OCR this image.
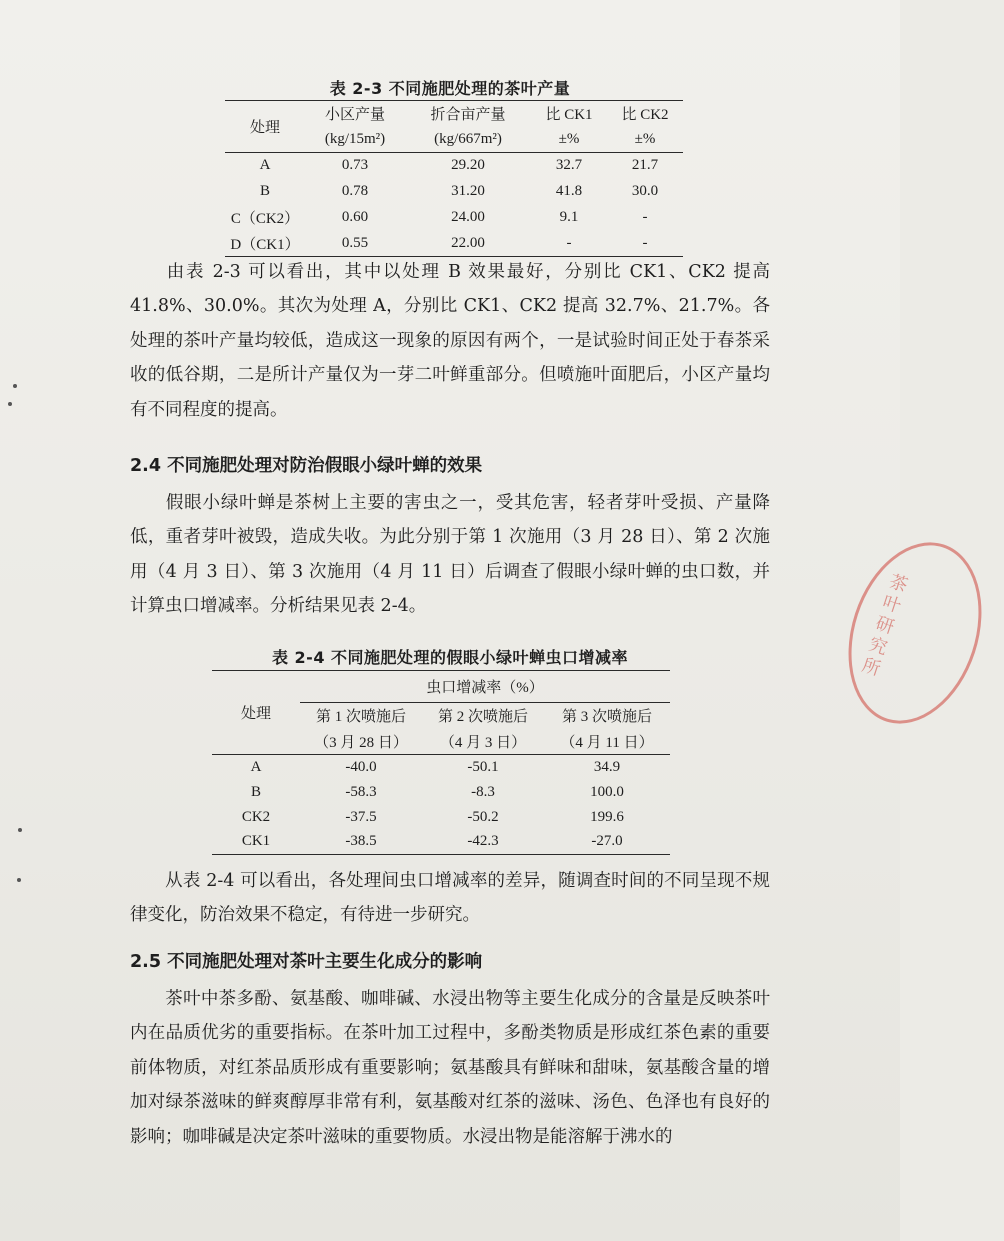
表 2-3 不同施肥处理的茶叶产量
处理	小区产量	折合亩产量	比 CK1	比 CK2
	(kg/15m²)	(kg/667m²)	±%	±%
A	0.73	29.20	32.7	21.7
B	0.78	31.20	41.8	30.0
C（CK2）	0.60	24.00	9.1	-
D（CK1）	0.55	22.00	-	-
由表 2-3 可以看出，其中以处理 B 效果最好，分别比 CK1、CK2 提高 41.8%、30.0%。其次为处理 A，分别比 CK1、CK2 提高 32.7%、21.7%。各处理的茶叶产量均较低，造成这一现象的原因有两个，一是试验时间正处于春茶采收的低谷期，二是所计产量仅为一芽二叶鲜重部分。但喷施叶面肥后，小区产量均有不同程度的提高。
2.4 不同施肥处理对防治假眼小绿叶蝉的效果
假眼小绿叶蝉是茶树上主要的害虫之一，受其危害，轻者芽叶受损、产量降低，重者芽叶被毁，造成失收。为此分别于第 1 次施用（3 月 28 日）、第 2 次施用（4 月 3 日）、第 3 次施用（4 月 11 日）后调查了假眼小绿叶蝉的虫口数，并计算虫口增减率。分析结果见表 2-4。
表 2-4 不同施肥处理的假眼小绿叶蝉虫口增减率
处理	虫口增减率（%）		
	第 1 次喷施后	第 2 次喷施后	第 3 次喷施后
	（3 月 28 日）	（4 月 3 日）	（4 月 11 日）
A	-40.0	-50.1	34.9
B	-58.3	-8.3	100.0
CK2	-37.5	-50.2	199.6
CK1	-38.5	-42.3	-27.0
从表 2-4 可以看出，各处理间虫口增减率的差异，随调查时间的不同呈现不规律变化，防治效果不稳定，有待进一步研究。
2.5 不同施肥处理对茶叶主要生化成分的影响
茶叶中茶多酚、氨基酸、咖啡碱、水浸出物等主要生化成分的含量是反映茶叶内在品质优劣的重要指标。在茶叶加工过程中，多酚类物质是形成红茶色素的重要前体物质，对红茶品质形成有重要影响；氨基酸具有鲜味和甜味，氨基酸含量的增加对绿茶滋味的鲜爽醇厚非常有利，氨基酸对红茶的滋味、汤色、色泽也有良好的影响；咖啡碱是决定茶叶滋味的重要物质。水浸出物是能溶解于沸水的
茶叶研究所
